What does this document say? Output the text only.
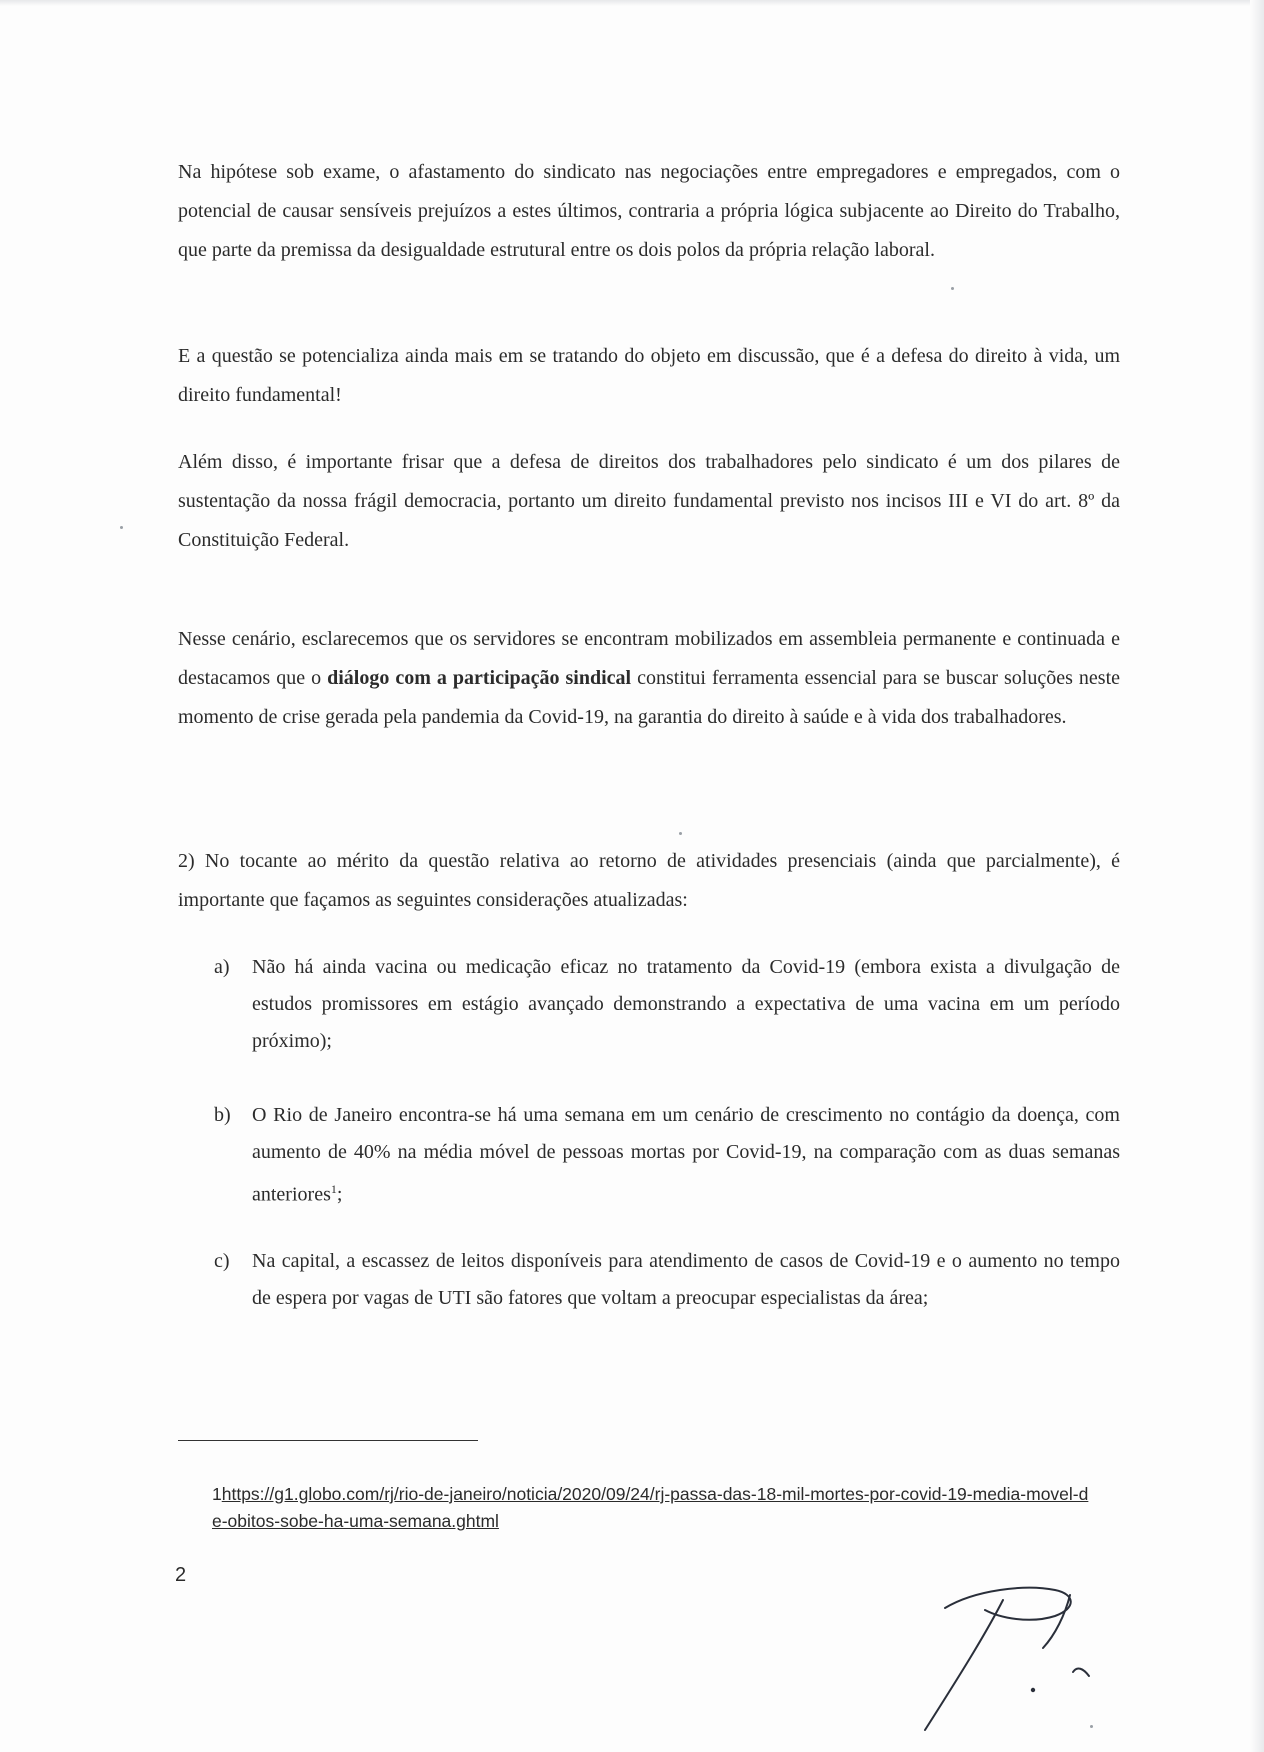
Na hipótese sob exame, o afastamento do sindicato nas negociações entre empregadores e empregados, com o potencial de causar sensíveis prejuízos a estes últimos, contraria a própria lógica subjacente ao Direito do Trabalho, que parte da premissa da desigualdade estrutural entre os dois polos da própria relação laboral.

E a questão se potencializa ainda mais em se tratando do objeto em discussão, que é a defesa do direito à vida, um direito fundamental!

Além disso, é importante frisar que a defesa de direitos dos trabalhadores pelo sindicato é um dos pilares de sustentação da nossa frágil democracia, portanto um direito fundamental previsto nos incisos III e VI do art. 8º da Constituição Federal.

Nesse cenário, esclarecemos que os servidores se encontram mobilizados em assembleia permanente e continuada e destacamos que o diálogo com a participação sindical constitui ferramenta essencial para se buscar soluções neste momento de crise gerada pela pandemia da Covid-19, na garantia do direito à saúde e à vida dos trabalhadores.

2) No tocante ao mérito da questão relativa ao retorno de atividades presenciais (ainda que parcialmente), é importante que façamos as seguintes considerações atualizadas:

a)	Não há ainda vacina ou medicação eficaz no tratamento da Covid-19 (embora exista a divulgação de estudos promissores em estágio avançado demonstrando a expectativa de uma vacina em um período próximo);

b)	O Rio de Janeiro encontra-se há uma semana em um cenário de crescimento no contágio da doença, com aumento de 40% na média móvel de pessoas mortas por Covid-19, na comparação com as duas semanas anteriores$^1$;

c)	Na capital, a escassez de leitos disponíveis para atendimento de casos de Covid-19 e o aumento no tempo de espera por vagas de UTI são fatores que voltam a preocupar especialistas da área;

1https://g1.globo.com/rj/rio-de-janeiro/noticia/2020/09/24/rj-passa-das-18-mil-mortes-por-covid-19-media-movel-de-obitos-sobe-ha-uma-semana.ghtml

2
